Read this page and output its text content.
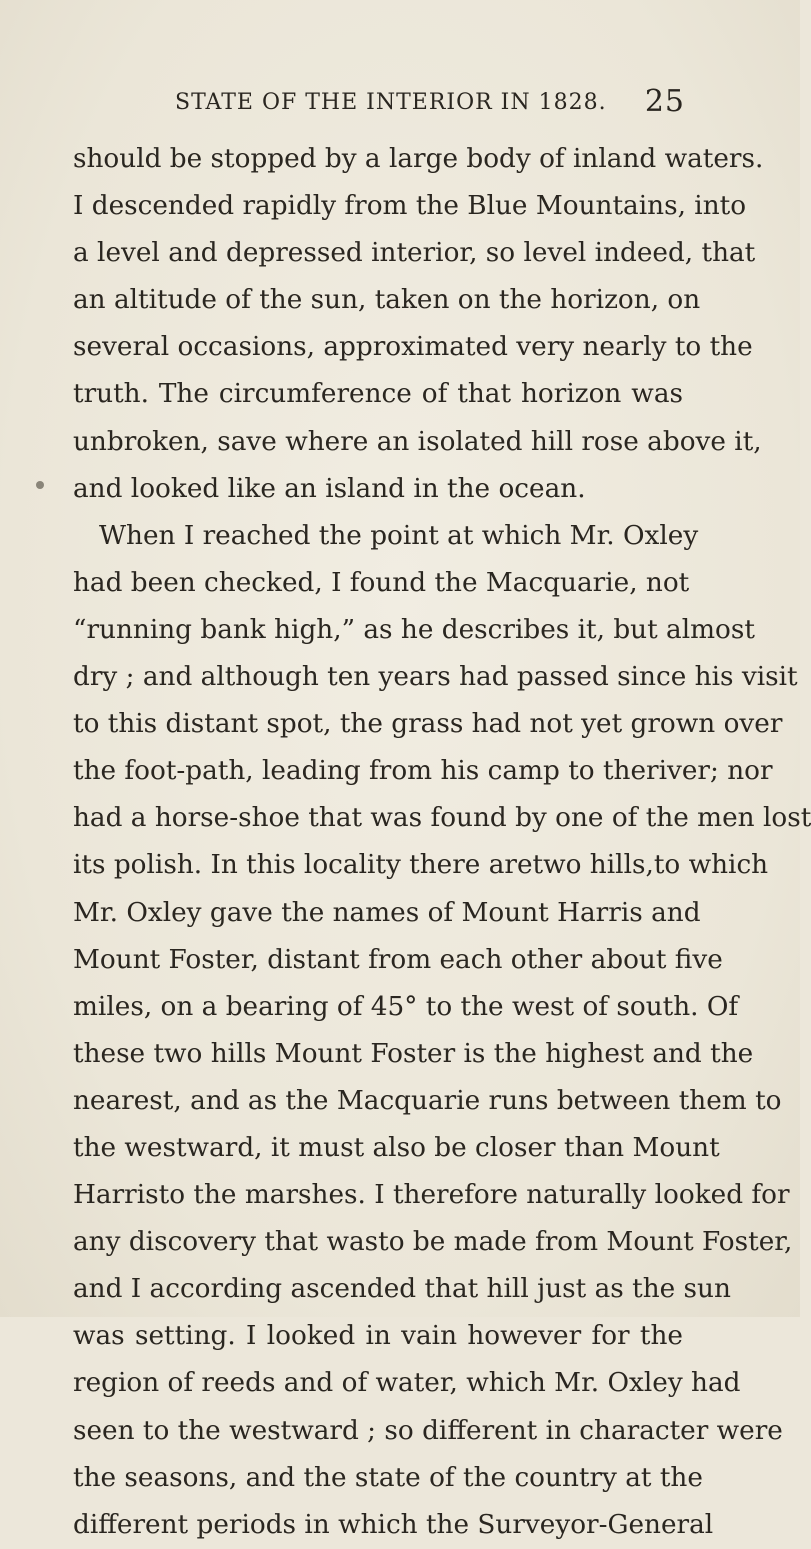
STATE OF THE INTERIOR IN 1828. 25
should be stopped by a large body of inland waters.
I descended rapidly from the Blue Mountains, into
a level and depressed interior, so level indeed, that
an altitude of the sun, taken on the horizon, on
several occasions, approximated very nearly to the
truth. The circumference of that horizon was
unbroken, save where an isolated hill rose above it,
and looked like an island in the ocean.
When I reached the point at which Mr. Oxley
had been checked, I found the Macquarie, not
“running bank high,” as he describes it, but almost
dry ; and although ten years had passed since his visit
to this distant spot, the grass had not yet grown over
the foot-path, leading from his camp to theriver; nor
had a horse-shoe that was found by one of the men lost
its polish. In this locality there aretwo hills,to which
Mr. Oxley gave the names of Mount Harris and
Mount Foster, distant from each other about five
miles, on a bearing of 45° to the west of south. Of
these two hills Mount Foster is the highest and the
nearest, and as the Macquarie runs between them to
the westward, it must also be closer than Mount
Harristo the marshes. I therefore naturally looked for
any discovery that wasto be made from Mount Foster,
and I according ascended that hill just as the sun
was setting. I looked in vain however for the
region of reeds and of water, which Mr. Oxley had
seen to the westward ; so different in character were
the seasons, and the state of the country at the
different periods in which the Surveyor-General
